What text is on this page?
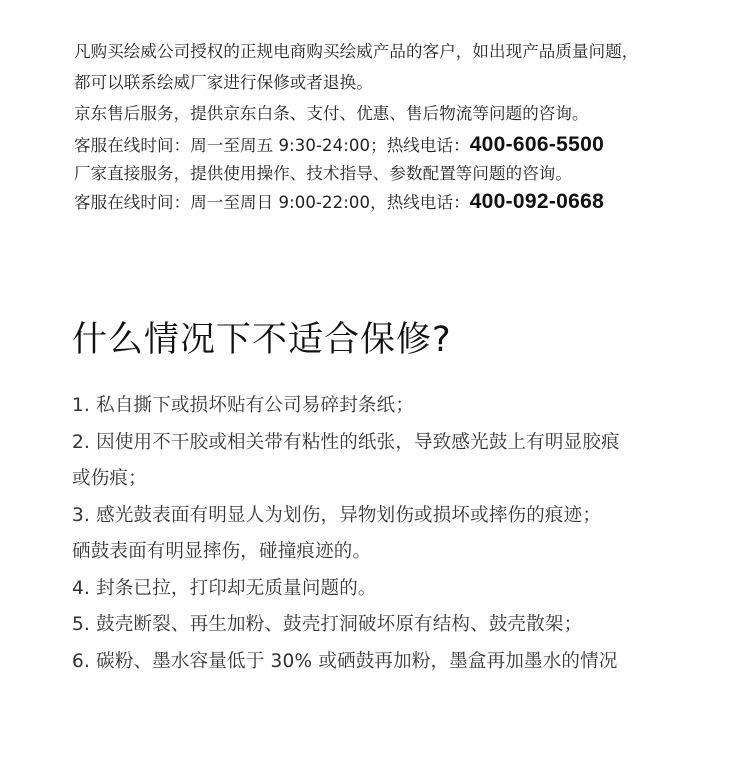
凡购买绘威公司授权的正规电商购买绘威产品的客户，如出现产品质量问题，
都可以联系绘威厂家进行保修或者退换。
京东售后服务，提供京东白条、支付、优惠、售后物流等问题的咨询。
客服在线时间：周一至周五 9:30-24:00；热线电话：400-606-5500
厂家直接服务，提供使用操作、技术指导、参数配置等问题的咨询。
客服在线时间：周一至周日 9:00-22:00，热线电话：400-092-0668
什么情况下不适合保修?
1. 私自撕下或损坏贴有公司易碎封条纸；
2. 因使用不干胶或相关带有粘性的纸张，导致感光鼓上有明显胶痕
或伤痕；
3. 感光鼓表面有明显人为划伤，异物划伤或损坏或摔伤的痕迹；
硒鼓表面有明显摔伤，碰撞痕迹的。
4. 封条已拉，打印却无质量问题的。
5. 鼓壳断裂、再生加粉、鼓壳打洞破坏原有结构、鼓壳散架；
6. 碳粉、墨水容量低于 30% 或硒鼓再加粉，墨盒再加墨水的情况
